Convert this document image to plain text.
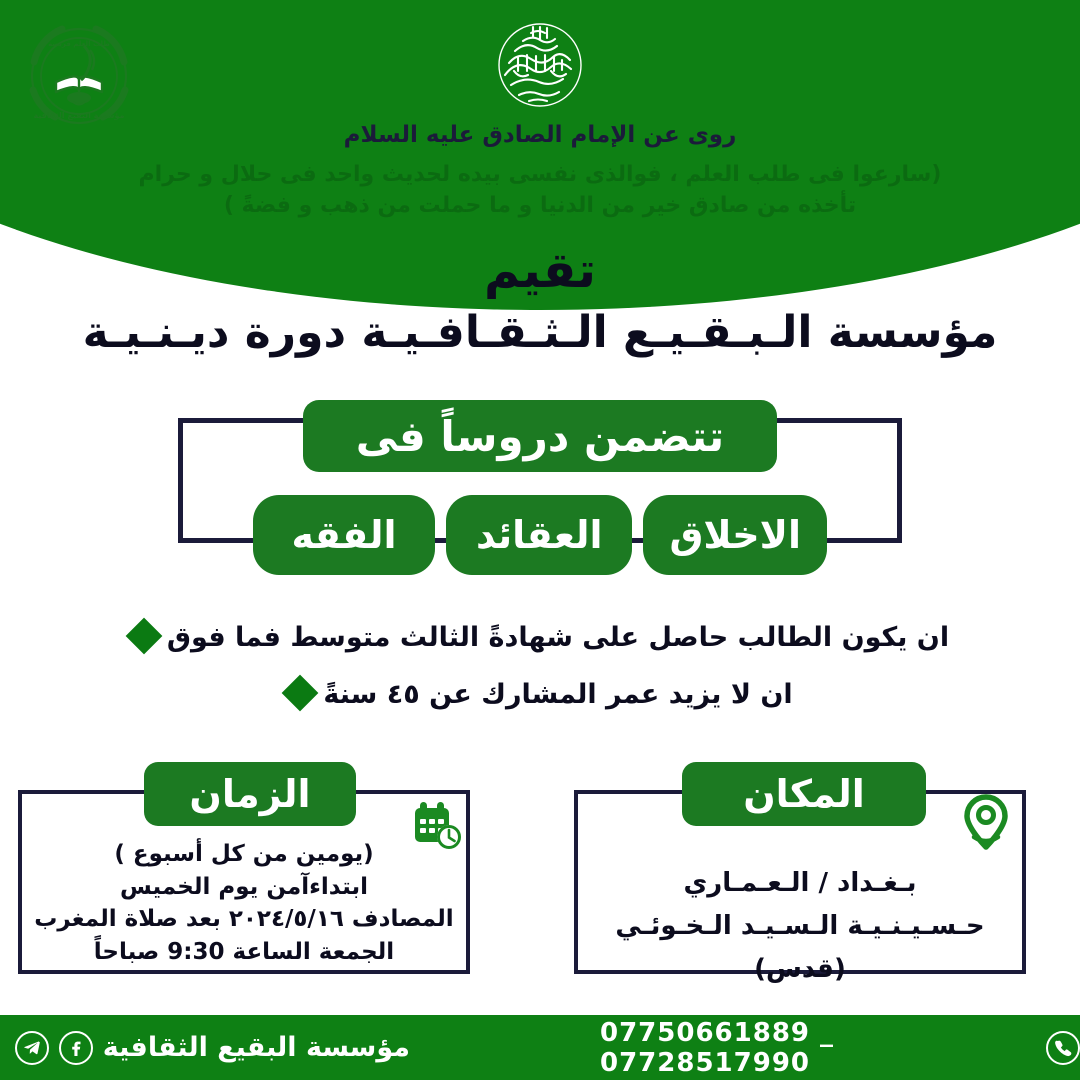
طلب العلم فريضة
مؤسسة البقيع الثقافية
روى عن الإمام الصادق عليه السلام
(سارعوا فى طلب العلم ، فوالذى نفسى بيده لحديث واحد فى حلال و حرام
تأخذه من صادق خير من الدنيا و ما حملت من ذهب و فضةً )
تقيم
مؤسسة الـبـقـيـع الـثـقـافـيـة دورة ديـنـيـة
تتضمن دروساً فى
الاخلاق
العقائد
الفقه
ان يكون الطالب حاصل على شهادةً الثالث متوسط فما فوق
ان لا يزيد عمر المشارك عن ٤٥ سنةً
الزمان
(يومين من كل أسبوع )
ابتداءآمن يوم الخميس
المصادف ٢٠٢٤/٥/١٦ بعد صلاة المغرب
الجمعة الساعة 9:30 صباحاً
المكان
بـغـداد / الـعـمـاري
حـسـيـنـيـة الـسـيـد الـخـوئـي (قدس)
07750661889 _ 07728517990
مؤسسة البقيع الثقافية
